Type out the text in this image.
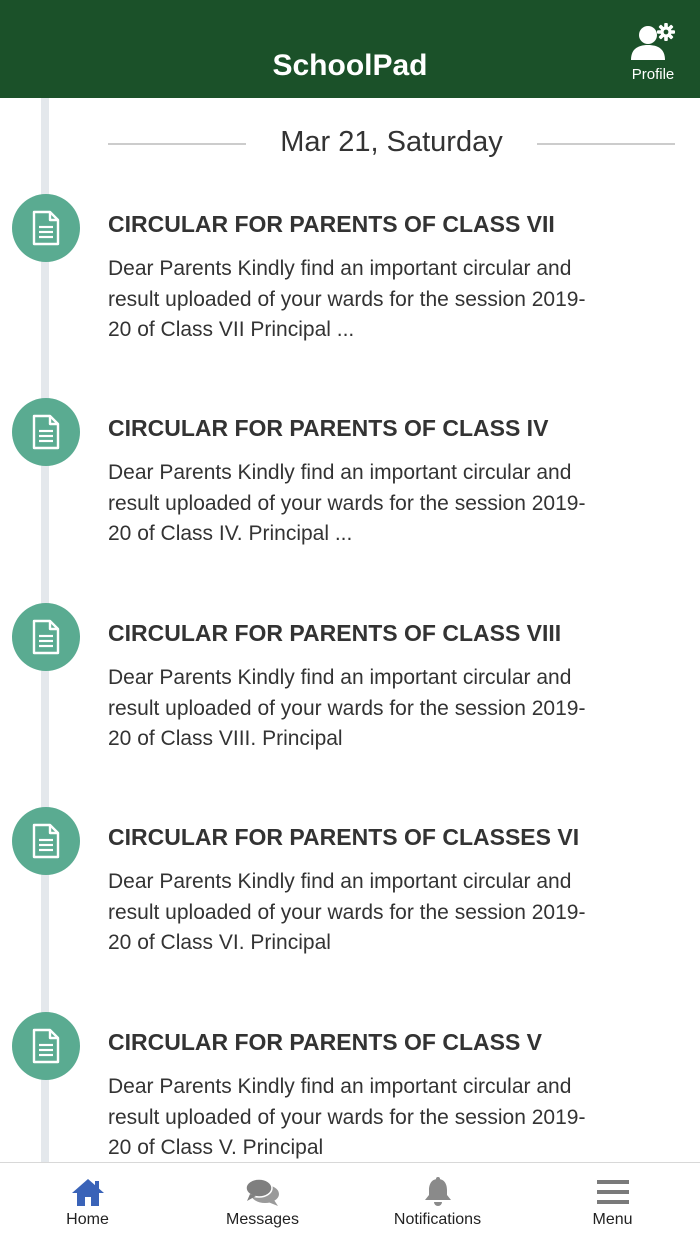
SchoolPad	Profile
Mar 21, Saturday
CIRCULAR FOR PARENTS OF CLASS VII
Dear Parents Kindly find an important circular and
result uploaded of your wards for the session 2019-
20 of Class VII Principal ...
CIRCULAR FOR PARENTS OF CLASS IV
Dear Parents Kindly find an important circular and
result uploaded of your wards for the session 2019-
20 of Class IV. Principal ...
CIRCULAR FOR PARENTS OF CLASS VIII
Dear Parents Kindly find an important circular and
result uploaded of your wards for the session 2019-
20 of Class VIII. Principal
CIRCULAR FOR PARENTS OF CLASSES VI
Dear Parents Kindly find an important circular and
result uploaded of your wards for the session 2019-
20 of Class VI. Principal
CIRCULAR FOR PARENTS OF CLASS V
Dear Parents Kindly find an important circular and
result uploaded of your wards for the session 2019-
20 of Class V. Principal
Home	Messages	Notifications	Menu
